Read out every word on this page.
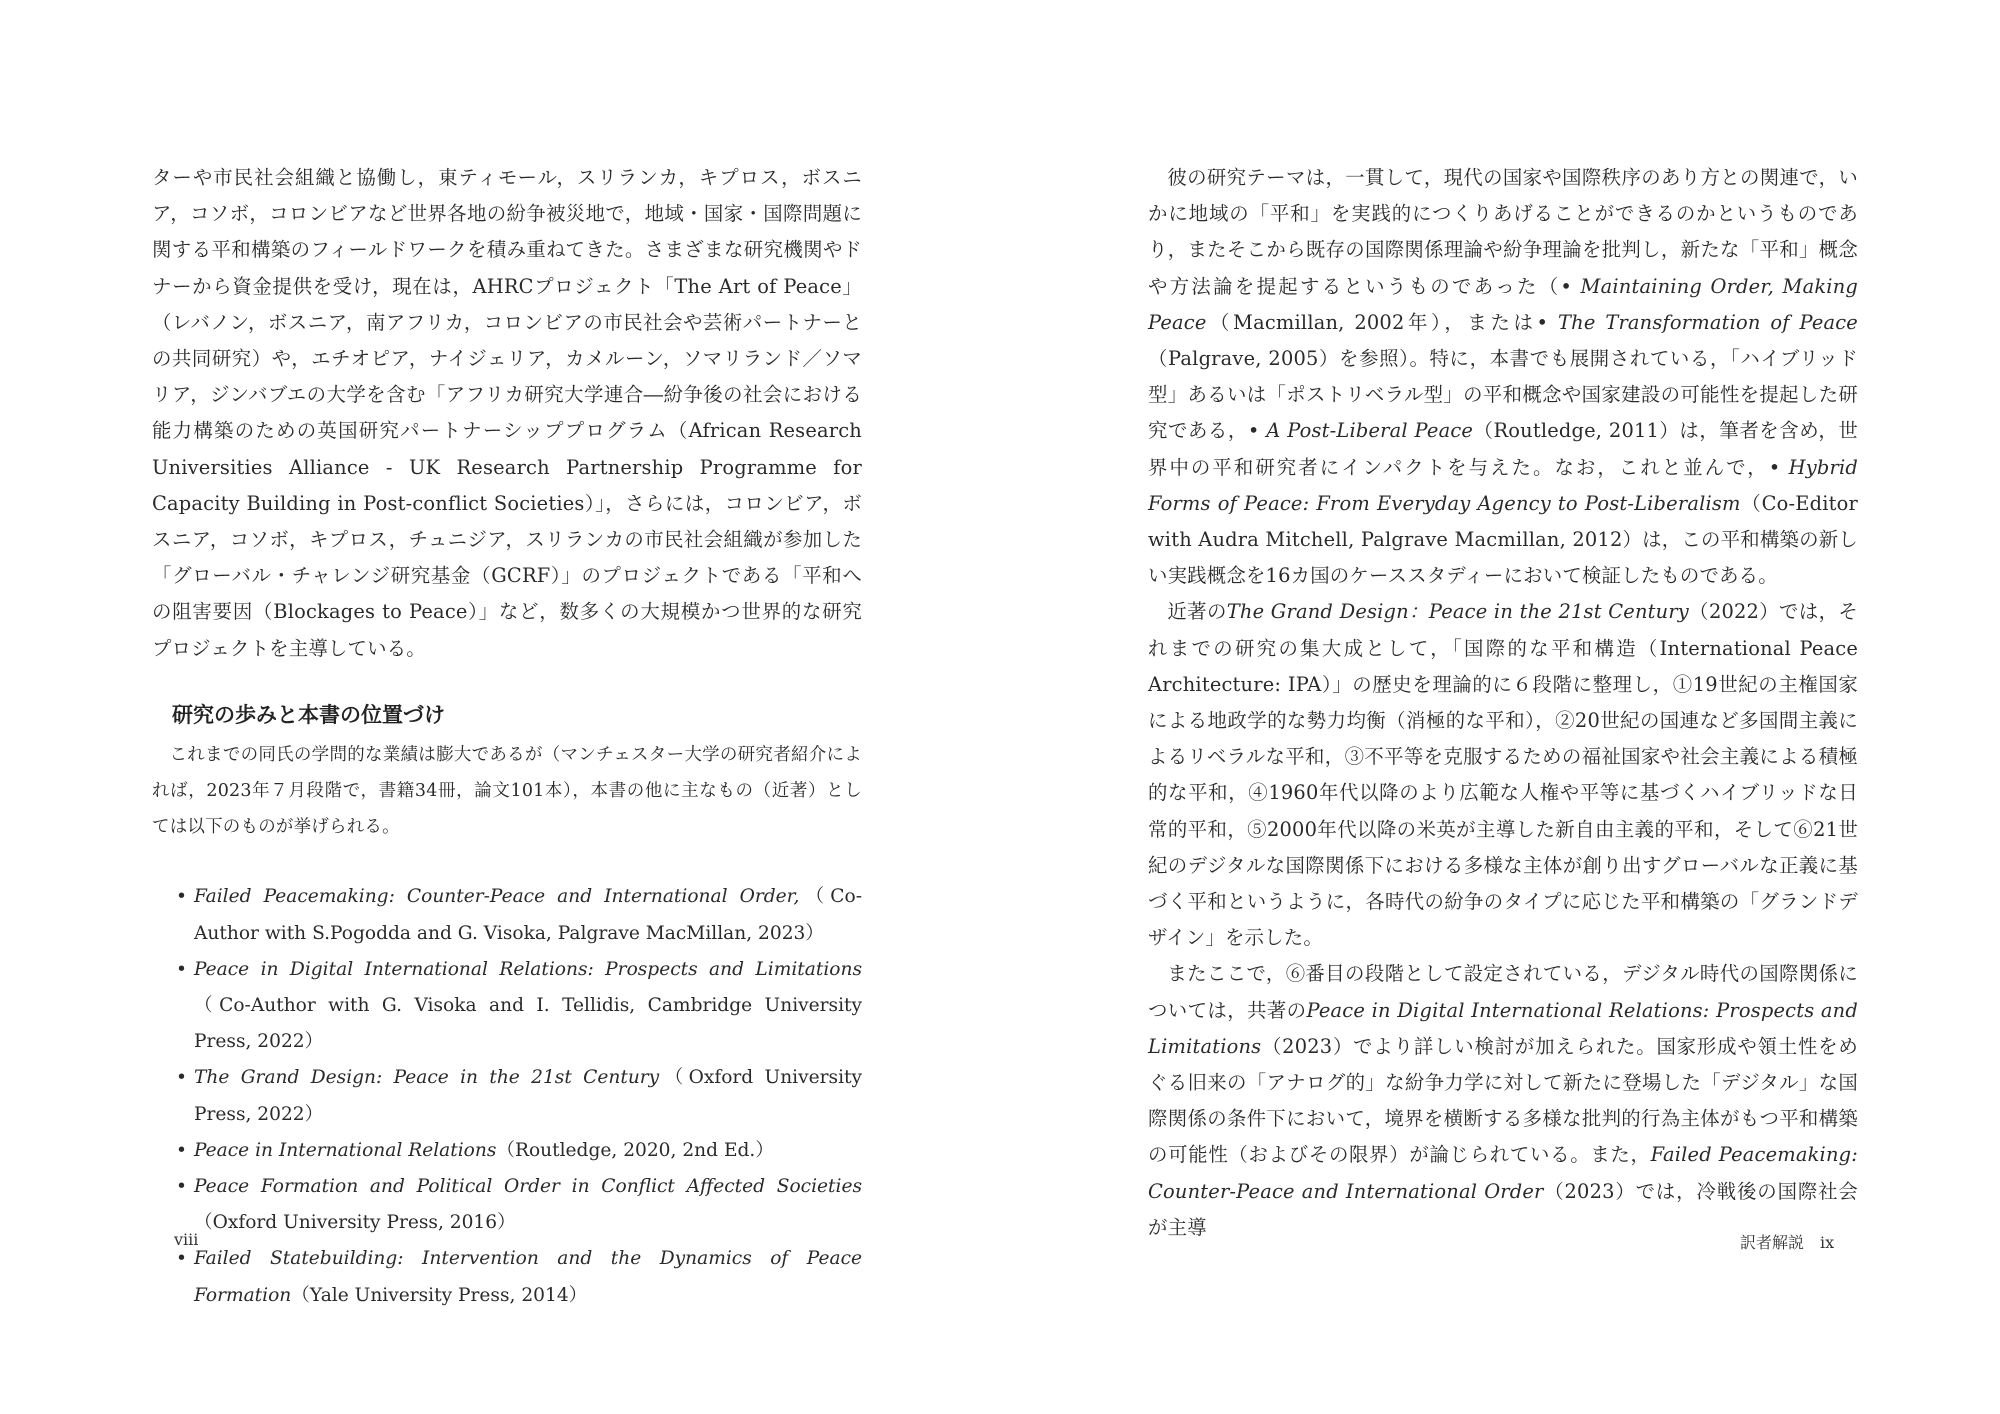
ターや市民社会組織と協働し，東ティモール，スリランカ，キプロス，ボスニア，コソボ，コロンビアなど世界各地の紛争被災地で，地域・国家・国際問題に関する平和構築のフィールドワークを積み重ねてきた。さまざまな研究機関やドナーから資金提供を受け，現在は，AHRCプロジェクト「The Art of Peace」（レバノン，ボスニア，南アフリカ，コロンビアの市民社会や芸術パートナーとの共同研究）や，エチオピア，ナイジェリア，カメルーン，ソマリランド／ソマリア，ジンバブエの大学を含む「アフリカ研究大学連合―紛争後の社会における能力構築のための英国研究パートナーシッププログラム（African Research Universities Alliance - UK Research Partnership Programme for Capacity Building in Post-conflict Societies）」，さらには，コロンビア，ボスニア，コソボ，キプロス，チュニジア，スリランカの市民社会組織が参加した「グローバル・チャレンジ研究基金（GCRF）」のプロジェクトである「平和への阻害要因（Blockages to Peace）」など，数多くの大規模かつ世界的な研究プロジェクトを主導している。

研究の歩みと本書の位置づけ

これまでの同氏の学問的な業績は膨大であるが（マンチェスター大学の研究者紹介によれば，2023年７月段階で，書籍34冊，論文101本），本書の他に主なもの（近著）としては以下のものが挙げられる。

• Failed Peacemaking: Counter-Peace and International Order,（Co-Author with S.Pogodda and G. Visoka, Palgrave MacMillan, 2023）
• Peace in Digital International Relations: Prospects and Limitations（Co-Author with G. Visoka and I. Tellidis, Cambridge University Press, 2022）
• The Grand Design: Peace in the 21st Century（Oxford University Press, 2022）
• Peace in International Relations（Routledge, 2020, 2nd Ed.）
• Peace Formation and Political Order in Conflict Affected Societies（Oxford University Press, 2016）
• Failed Statebuilding: Intervention and the Dynamics of Peace Formation（Yale University Press, 2014）

彼の研究テーマは，一貫して，現代の国家や国際秩序のあり方との関連で，いかに地域の「平和」を実践的につくりあげることができるのかというものであり，またそこから既存の国際関係理論や紛争理論を批判し，新たな「平和」概念や方法論を提起するというものであった（• Maintaining Order, Making Peace（Macmillan, 2002年），または• The Transformation of Peace（Palgrave, 2005）を参照）。特に，本書でも展開されている，「ハイブリッド型」あるいは「ポストリベラル型」の平和概念や国家建設の可能性を提起した研究である，• A Post-Liberal Peace（Routledge, 2011）は，筆者を含め，世界中の平和研究者にインパクトを与えた。なお，これと並んで，• Hybrid Forms of Peace: From Everyday Agency to Post-Liberalism（Co-Editor with Audra Mitchell, Palgrave Macmillan, 2012）は，この平和構築の新しい実践概念を16カ国のケーススタディーにおいて検証したものである。

近著のThe Grand Design：Peace in the 21st Century（2022）では，それまでの研究の集大成として，「国際的な平和構造（International Peace Architecture: IPA）」の歴史を理論的に６段階に整理し，①19世紀の主権国家による地政学的な勢力均衡（消極的な平和），②20世紀の国連など多国間主義によるリベラルな平和，③不平等を克服するための福祉国家や社会主義による積極的な平和，④1960年代以降のより広範な人権や平等に基づくハイブリッドな日常的平和，⑤2000年代以降の米英が主導した新自由主義的平和，そして⑥21世紀のデジタルな国際関係下における多様な主体が創り出すグローバルな正義に基づく平和というように，各時代の紛争のタイプに応じた平和構築の「グランドデザイン」を示した。

またここで，⑥番目の段階として設定されている，デジタル時代の国際関係については，共著のPeace in Digital International Relations: Prospects and Limitations（2023）でより詳しい検討が加えられた。国家形成や領土性をめぐる旧来の「アナログ的」な紛争力学に対して新たに登場した「デジタル」な国際関係の条件下において，境界を横断する多様な批判的行為主体がもつ平和構築の可能性（およびその限界）が論じられている。また，Failed Peacemaking: Counter-Peace and International Order（2023）では，冷戦後の国際社会が主導

viii	訳者解説　ix
